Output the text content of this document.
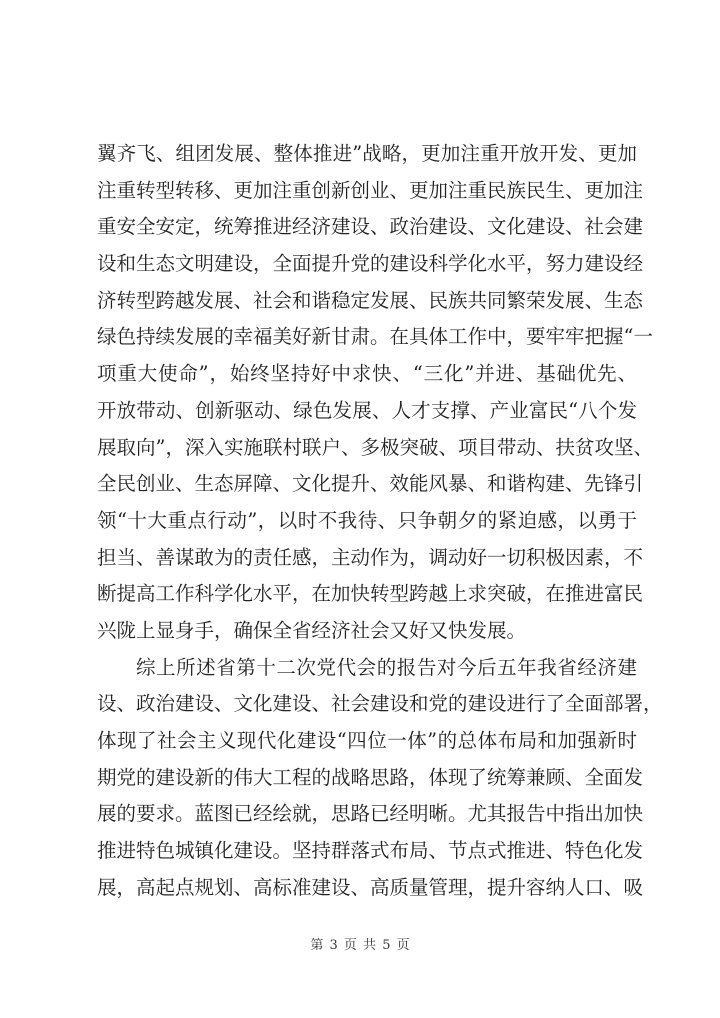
翼齐飞、组团发展、整体推进”战略，更加注重开放开发、更加
注重转型转移、更加注重创新创业、更加注重民族民生、更加注
重安全安定，统筹推进经济建设、政治建设、文化建设、社会建
设和生态文明建设，全面提升党的建设科学化水平，努力建设经
济转型跨越发展、社会和谐稳定发展、民族共同繁荣发展、生态
绿色持续发展的幸福美好新甘肃。在具体工作中，要牢牢把握“一
项重大使命”，始终坚持好中求快、“三化”并进、基础优先、
开放带动、创新驱动、绿色发展、人才支撑、产业富民“八个发
展取向”，深入实施联村联户、多极突破、项目带动、扶贫攻坚、
全民创业、生态屏障、文化提升、效能风暴、和谐构建、先锋引
领“十大重点行动”，以时不我待、只争朝夕的紧迫感，以勇于
担当、善谋敢为的责任感，主动作为，调动好一切积极因素，不
断提高工作科学化水平，在加快转型跨越上求突破，在推进富民
兴陇上显身手，确保全省经济社会又好又快发展。
综上所述省第十二次党代会的报告对今后五年我省经济建
设、政治建设、文化建设、社会建设和党的建设进行了全面部署，
体现了社会主义现代化建设“四位一体”的总体布局和加强新时
期党的建设新的伟大工程的战略思路，体现了统筹兼顾、全面发
展的要求。蓝图已经绘就，思路已经明晰。尤其报告中指出加快
推进特色城镇化建设。坚持群落式布局、节点式推进、特色化发
展，高起点规划、高标准建设、高质量管理，提升容纳人口、吸
第 3 页 共 5 页
